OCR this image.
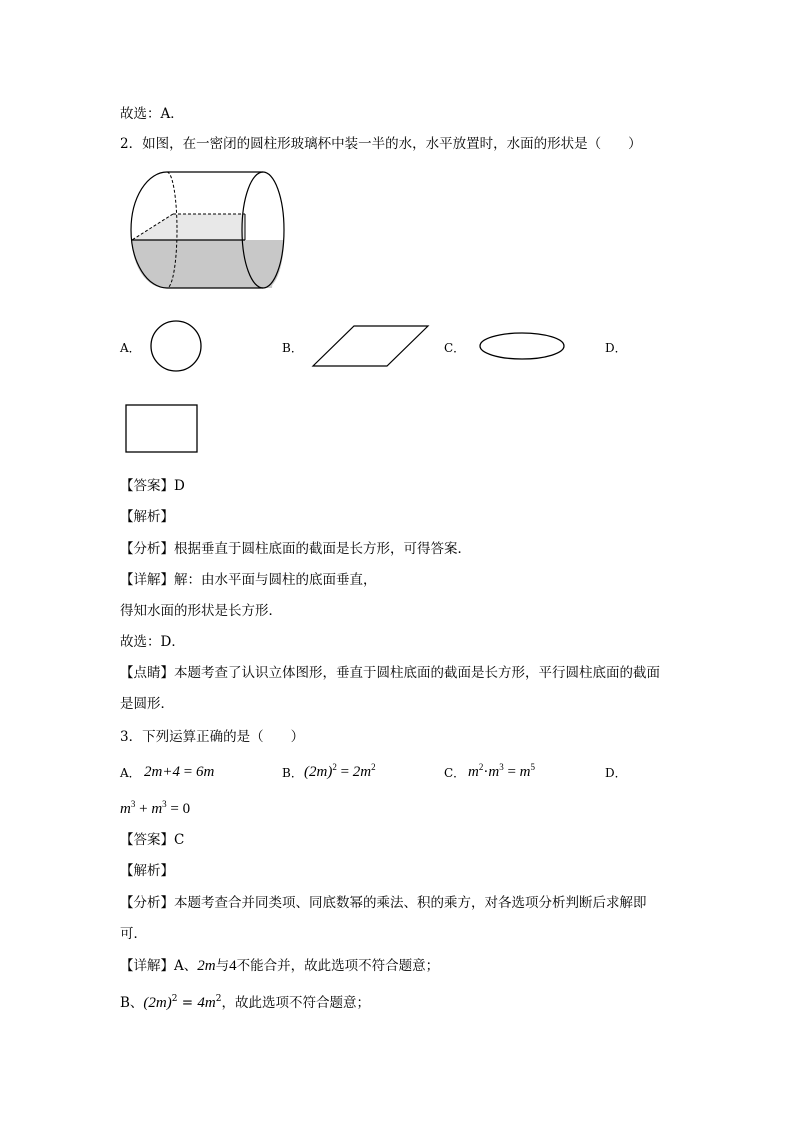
故选：A．
2．如图，在一密闭的圆柱形玻璃杯中装一半的水，水平放置时，水面的形状是（　　）
A．	B．	C．	D．
【答案】D
【解析】
【分析】根据垂直于圆柱底面的截面是长方形，可得答案．
【详解】解：由水平面与圆柱的底面垂直，
得知水面的形状是长方形．
故选：D．
【点睛】本题考查了认识立体图形，垂直于圆柱底面的截面是长方形，平行圆柱底面的截面
是圆形．
3．下列运算正确的是（　　）
A． 2m+4 = 6m	B． $(2m)^2 = 2m^2$	C． $m^2\cdot m^3 = m^5$	D．
$m^3 + m^3 = 0$
【答案】C
【解析】
【分析】本题考查合并同类项、同底数幂的乘法、积的乘方，对各选项分析判断后求解即
可．
【详解】A、2m与4不能合并，故此选项不符合题意；
B、$(2m)^2 = 4m^2$，故此选项不符合题意；
